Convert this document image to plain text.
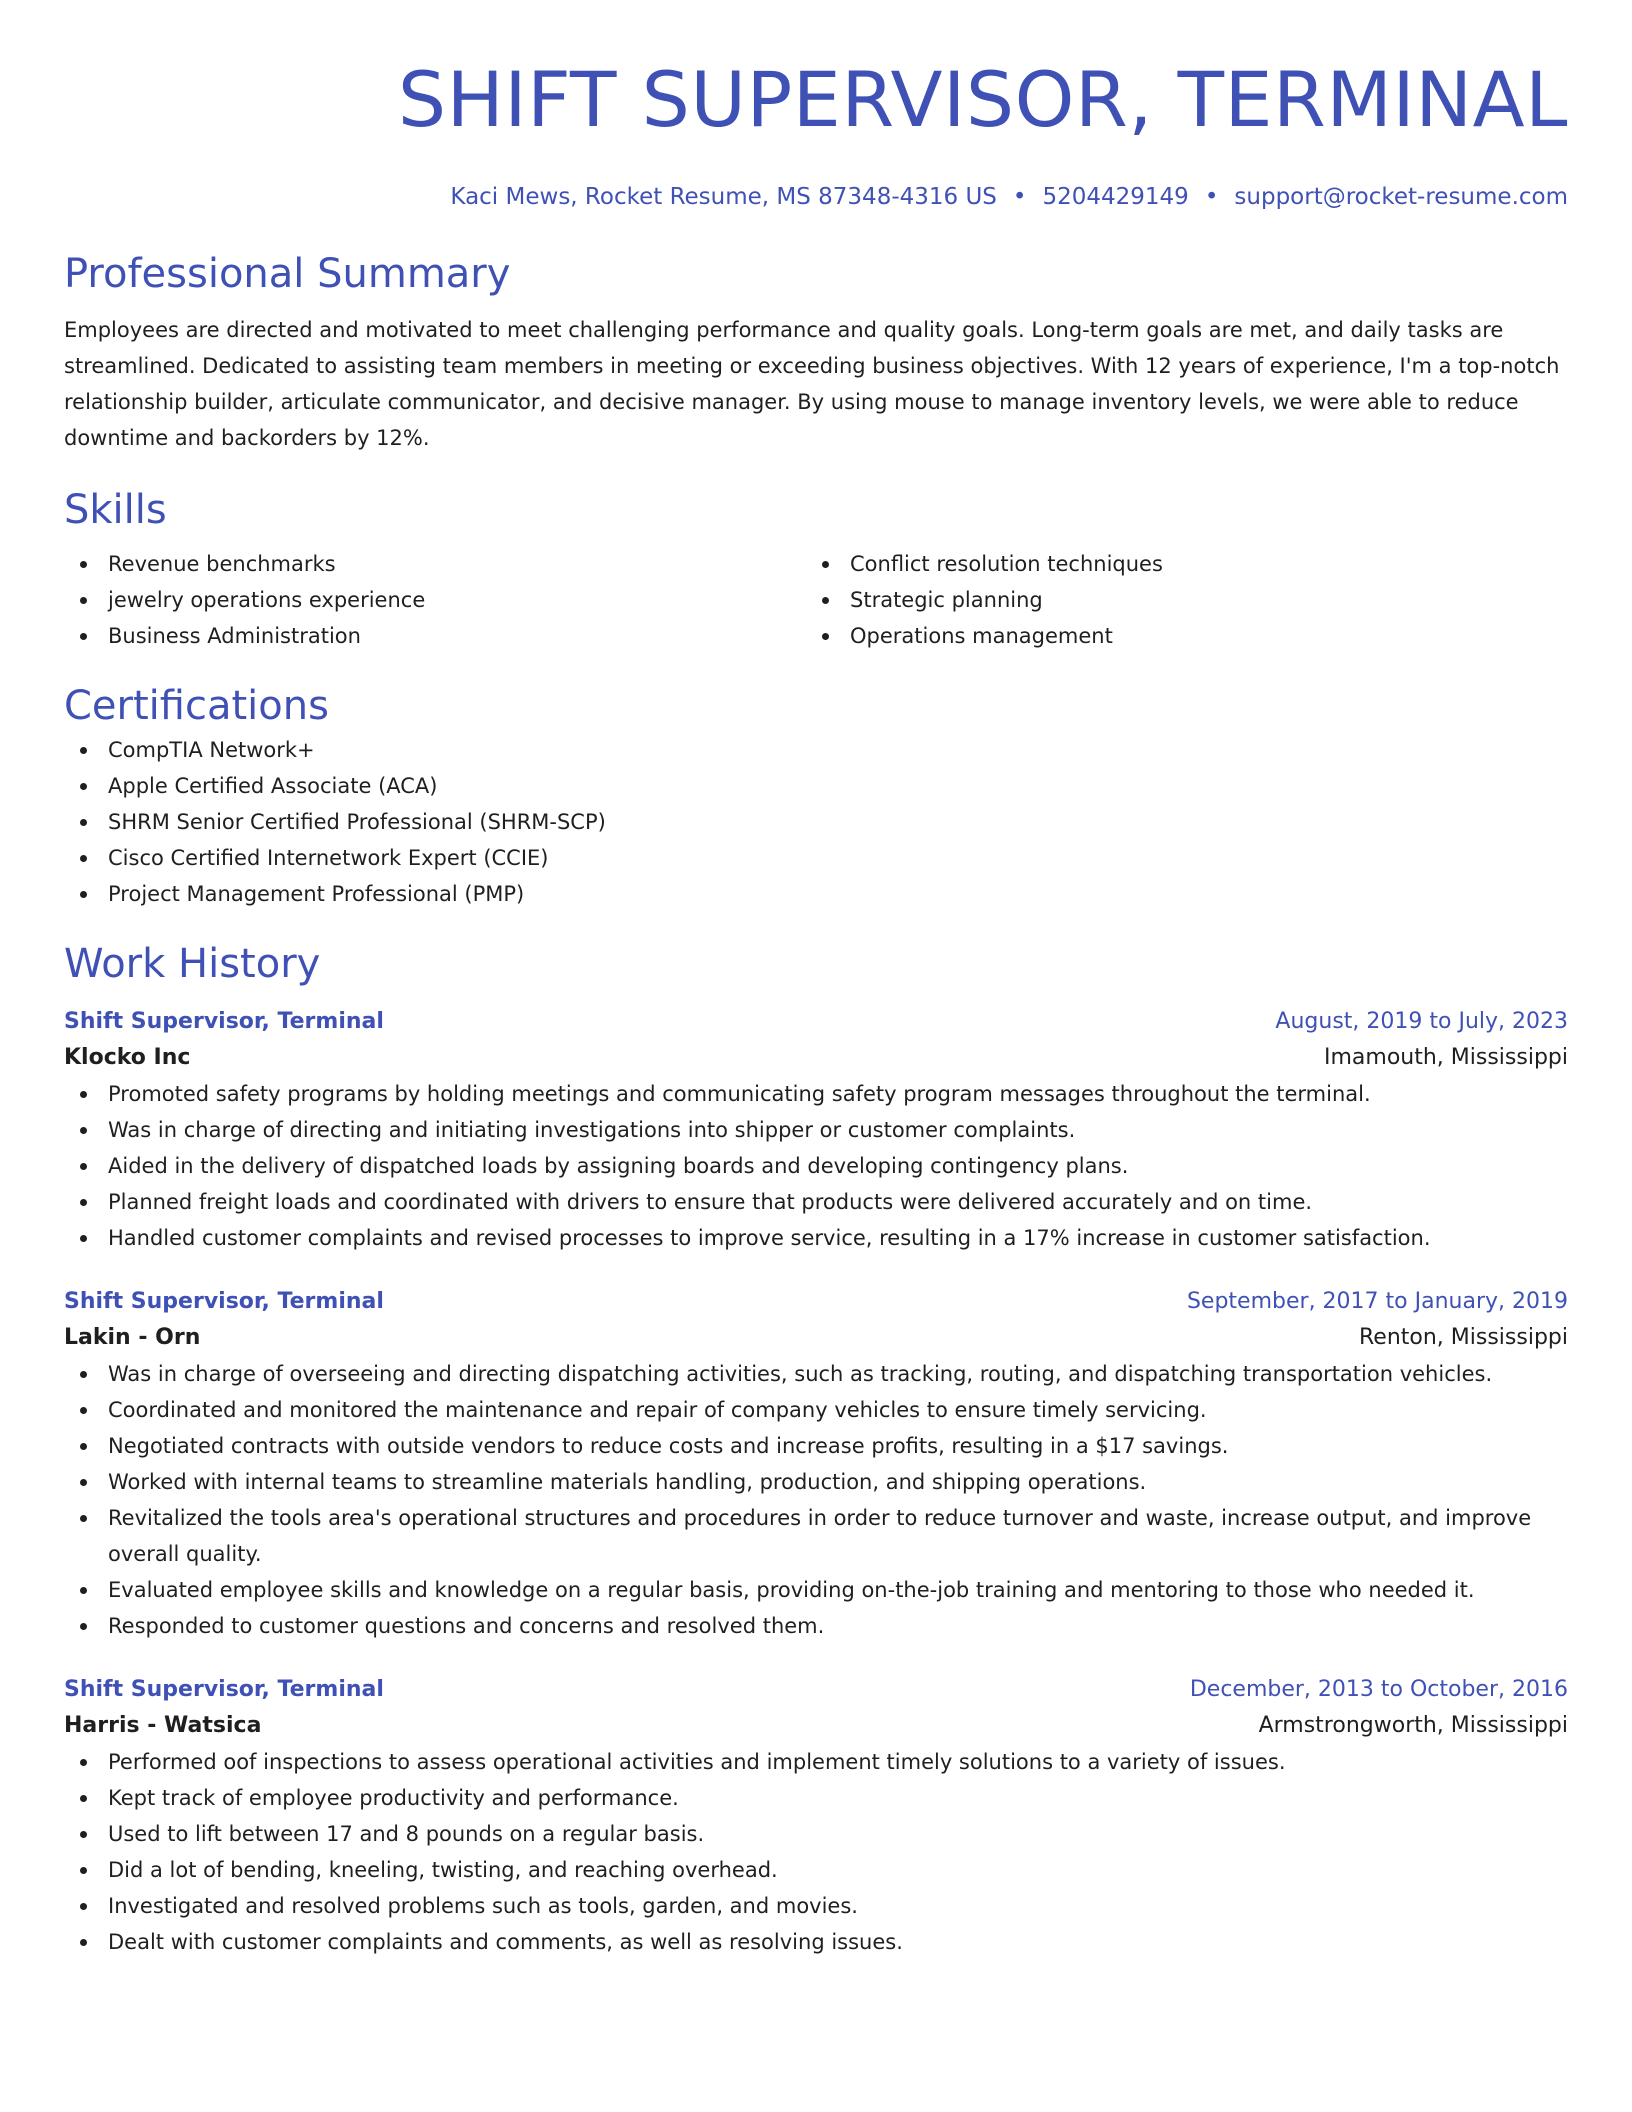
SHIFT SUPERVISOR, TERMINAL
Kaci Mews, Rocket Resume, MS 87348-4316 US • 5204429149 • support@rocket-resume.com
Professional Summary

Employees are directed and motivated to meet challenging performance and quality goals. Long-term goals are met, and daily tasks are streamlined. Dedicated to assisting team members in meeting or exceeding business objectives. With 12 years of experience, I'm a top-notch relationship builder, articulate communicator, and decisive manager. By using mouse to manage inventory levels, we were able to reduce downtime and backorders by 12%.

Skills
Revenue benchmarks
jewelry operations experience
Business Administration
Conflict resolution techniques
Strategic planning
Operations management
Certifications
CompTIA Network+
Apple Certified Associate (ACA)
SHRM Senior Certified Professional (SHRM-SCP)
Cisco Certified Internetwork Expert (CCIE)
Project Management Professional (PMP)
Work History
Shift Supervisor, Terminal	August, 2019 to July, 2023
Klocko Inc	Imamouth, Mississippi
Promoted safety programs by holding meetings and communicating safety program messages throughout the terminal.
Was in charge of directing and initiating investigations into shipper or customer complaints.
Aided in the delivery of dispatched loads by assigning boards and developing contingency plans.
Planned freight loads and coordinated with drivers to ensure that products were delivered accurately and on time.
Handled customer complaints and revised processes to improve service, resulting in a 17% increase in customer satisfaction.
Shift Supervisor, Terminal	September, 2017 to January, 2019
Lakin - Orn	Renton, Mississippi
Was in charge of overseeing and directing dispatching activities, such as tracking, routing, and dispatching transportation vehicles.
Coordinated and monitored the maintenance and repair of company vehicles to ensure timely servicing.
Negotiated contracts with outside vendors to reduce costs and increase profits, resulting in a $17 savings.
Worked with internal teams to streamline materials handling, production, and shipping operations.
Revitalized the tools area's operational structures and procedures in order to reduce turnover and waste, increase output, and improve overall quality.
Evaluated employee skills and knowledge on a regular basis, providing on-the-job training and mentoring to those who needed it.
Responded to customer questions and concerns and resolved them.
Shift Supervisor, Terminal	December, 2013 to October, 2016
Harris - Watsica	Armstrongworth, Mississippi
Performed oof inspections to assess operational activities and implement timely solutions to a variety of issues.
Kept track of employee productivity and performance.
Used to lift between 17 and 8 pounds on a regular basis.
Did a lot of bending, kneeling, twisting, and reaching overhead.
Investigated and resolved problems such as tools, garden, and movies.
Dealt with customer complaints and comments, as well as resolving issues.
